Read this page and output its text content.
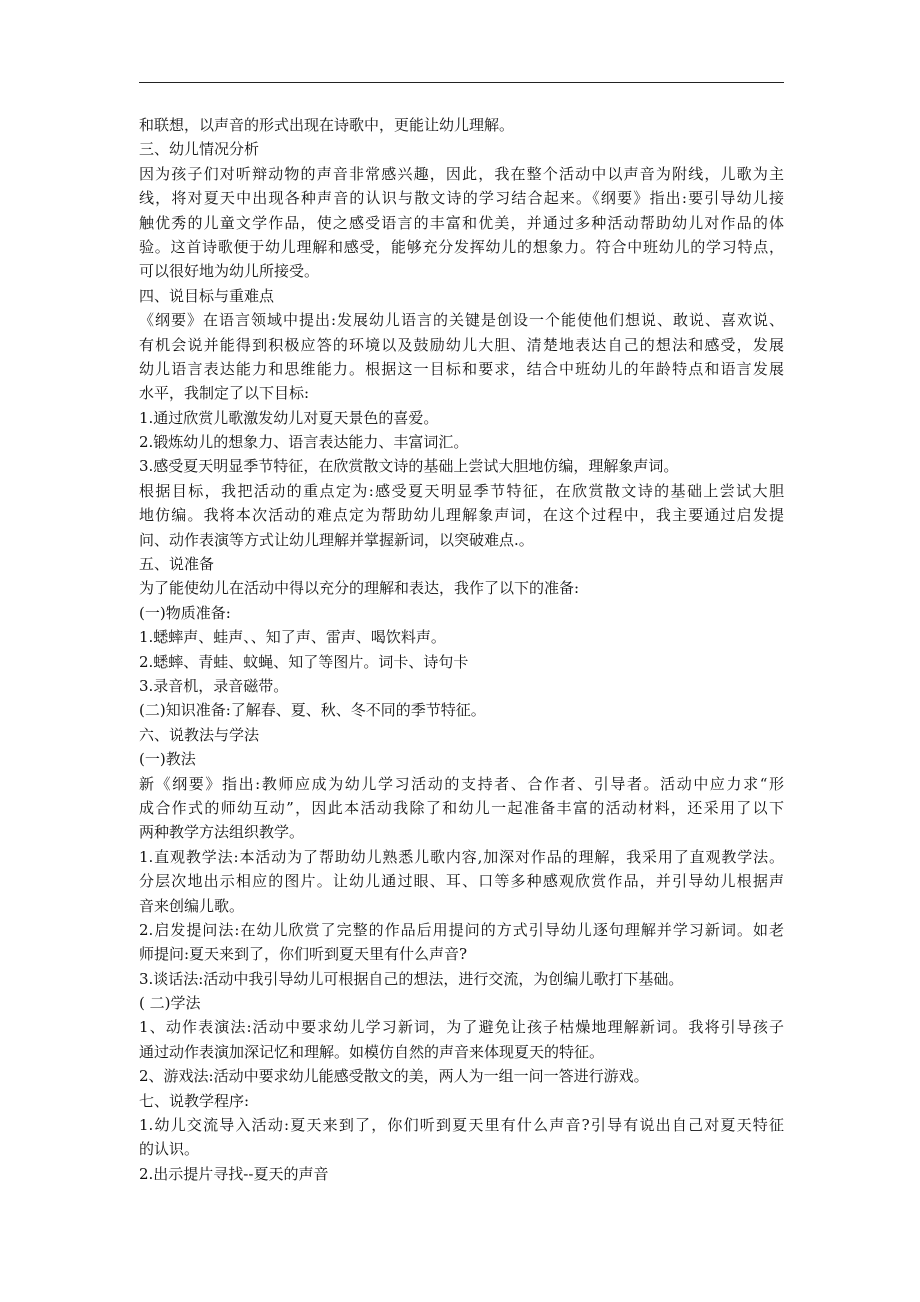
和联想，以声音的形式出现在诗歌中，更能让幼儿理解。
三、幼儿情况分析
因为孩子们对听辩动物的声音非常感兴趣，因此，我在整个活动中以声音为附线，儿歌为主
线，将对夏天中出现各种声音的认识与散文诗的学习结合起来。《纲要》指出:要引导幼儿接
触优秀的儿童文学作品，使之感受语言的丰富和优美，并通过多种活动帮助幼儿对作品的体
验。这首诗歌便于幼儿理解和感受，能够充分发挥幼儿的想象力。符合中班幼儿的学习特点，
可以很好地为幼儿所接受。
四、说目标与重难点
《纲要》在语言领域中提出:发展幼儿语言的关键是创设一个能使他们想说、敢说、喜欢说、
有机会说并能得到积极应答的环境以及鼓励幼儿大胆、清楚地表达自己的想法和感受，发展
幼儿语言表达能力和思维能力。根据这一目标和要求，结合中班幼儿的年龄特点和语言发展
水平，我制定了以下目标:
1.通过欣赏儿歌激发幼儿对夏天景色的喜爱。
2.锻炼幼儿的想象力、语言表达能力、丰富词汇。
3.感受夏天明显季节特征，在欣赏散文诗的基础上尝试大胆地仿编，理解象声词。
根据目标，我把活动的重点定为:感受夏天明显季节特征，在欣赏散文诗的基础上尝试大胆
地仿编。我将本次活动的难点定为帮助幼儿理解象声词，在这个过程中，我主要通过启发提
问、动作表演等方式让幼儿理解并掌握新词，以突破难点.。
五、说准备
为了能使幼儿在活动中得以充分的理解和表达，我作了以下的准备:
(一)物质准备:
1.蟋蟀声、蛙声、、知了声、雷声、喝饮料声。
2.蟋蟀、青蛙、蚊蝇、知了等图片。词卡、诗句卡
3.录音机，录音磁带。
(二)知识准备:了解春、夏、秋、冬不同的季节特征。
六、说教法与学法
(一)教法
新《纲要》指出:教师应成为幼儿学习活动的支持者、合作者、引导者。活动中应力求“形
成合作式的师幼互动”，因此本活动我除了和幼儿一起准备丰富的活动材料，还采用了以下
两种教学方法组织教学。
1.直观教学法:本活动为了帮助幼儿熟悉儿歌内容,加深对作品的理解，我采用了直观教学法。
分层次地出示相应的图片。让幼儿通过眼、耳、口等多种感观欣赏作品，并引导幼儿根据声
音来创编儿歌。
2.启发提问法:在幼儿欣赏了完整的作品后用提问的方式引导幼儿逐句理解并学习新词。如老
师提问:夏天来到了，你们听到夏天里有什么声音?
3.谈话法:活动中我引导幼儿可根据自己的想法，进行交流，为创编儿歌打下基础。
( 二)学法
1、动作表演法:活动中要求幼儿学习新词，为了避免让孩子枯燥地理解新词。我将引导孩子
通过动作表演加深记忆和理解。如模仿自然的声音来体现夏天的特征。
2、游戏法:活动中要求幼儿能感受散文的美，两人为一组一问一答进行游戏。
七、说教学程序:
1.幼儿交流导入活动:夏天来到了，你们听到夏天里有什么声音?引导有说出自己对夏天特征
的认识。
2.出示提片寻找--夏天的声音
